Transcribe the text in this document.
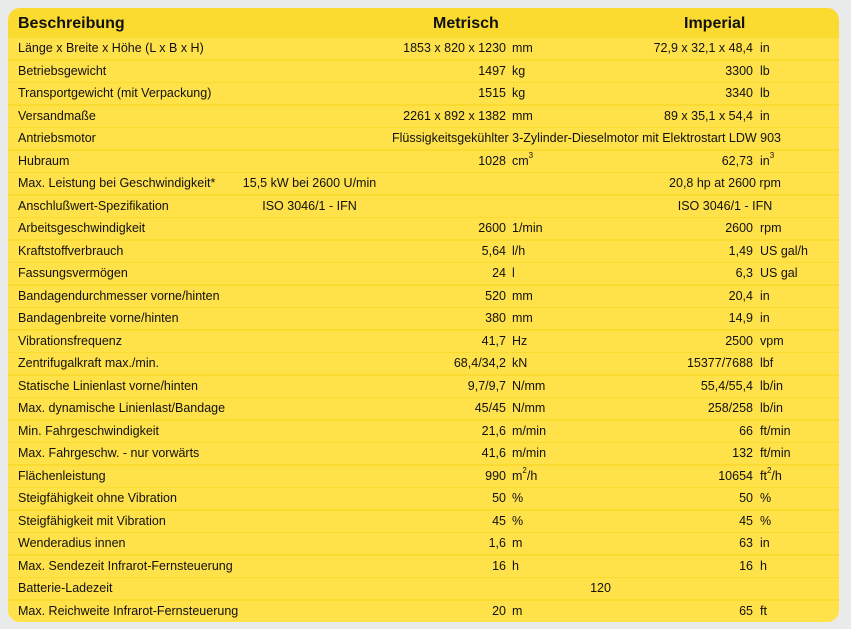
Beschreibung	Metrisch	Imperial
Länge x Breite x Höhe (L x B x H)	1853 x 820 x 1230 mm	72,9 x 32,1 x 48,4 in
Betriebsgewicht	1497 kg	3300 lb
Transportgewicht (mit Verpackung)	1515 kg	3340 lb
Versandmaße	2261 x 892 x 1382 mm	89 x 35,1 x 54,4 in
Antriebsmotor	Flüssigkeitsgekühlter 3-Zylinder-Dieselmotor mit Elektrostart LDW 903
Hubraum	1028 $cm^3$	62,73 $in^3$
Max. Leistung bei Geschwindigkeit*	15,5 kW bei 2600 U/min	20,8 hp at 2600 rpm
Anschlußwert-Spezifikation	ISO 3046/1 - IFN	ISO 3046/1 - IFN
Arbeitsgeschwindigkeit	2600 1/min	2600 rpm
Kraftstoffverbrauch	5,64 l/h	1,49 US gal/h
Fassungsvermögen	24 l	6,3 US gal
Bandagendurchmesser vorne/hinten	520 mm	20,4 in
Bandagenbreite vorne/hinten	380 mm	14,9 in
Vibrationsfrequenz	41,7 Hz	2500 vpm
Zentrifugalkraft max./min.	68,4/34,2 kN	15377/7688 lbf
Statische Linienlast vorne/hinten	9,7/9,7 N/mm	55,4/55,4 lb/in
Max. dynamische Linienlast/Bandage	45/45 N/mm	258/258 lb/in
Min. Fahrgeschwindigkeit	21,6 m/min	66 ft/min
Max. Fahrgeschw. - nur vorwärts	41,6 m/min	132 ft/min
Flächenleistung	990 $m^2/h$	10654 $ft^2/h$
Steigfähigkeit ohne Vibration	50 %	50 %
Steigfähigkeit mit Vibration	45 %	45 %
Wenderadius innen	1,6 m	63 in
Max. Sendezeit Infrarot-Fernsteuerung	16 h	16 h
Batterie-Ladezeit	120
Max. Reichweite Infrarot-Fernsteuerung	20 m	65 ft
